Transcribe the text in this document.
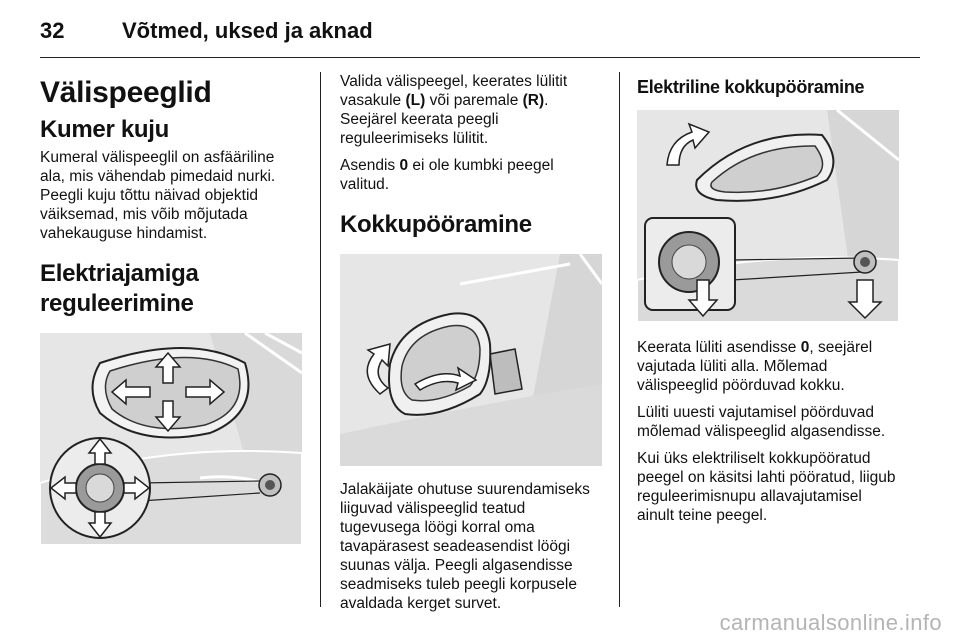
32	Võtmed, uksed ja aknad
Välispeeglid
Kumer kuju

Kumeral välispeeglil on asfääriline ala, mis vähendab pimedaid nurki. Peegli kuju tõttu näivad objektid väiksemad, mis võib mõjutada vahekauguse hindamist.

Elektriajamiga reguleerimine

Valida välispeegel, keerates lülitit vasakule (L) või paremale (R). Seejärel keerata peegli reguleerimiseks lülitit.

Asendis 0 ei ole kumbki peegel valitud.

Kokkupööramine

Jalakäijate ohutuse suurendamiseks liiguvad välispeeglid teatud tugevusega löögi korral oma tavapärasest seadeasendist löögi suunas välja. Peegli algasendisse seadmiseks tuleb peegli korpusele avaldada kerget survet.

Elektriline kokkupööramine

Keerata lüliti asendisse 0, seejärel vajutada lüliti alla. Mõlemad välispeeglid pöörduvad kokku.

Lüliti uuesti vajutamisel pöörduvad mõlemad välispeeglid algasendisse.

Kui üks elektriliselt kokkupööratud peegel on käsitsi lahti pööratud, liigub reguleerimisnupu allavajutamisel ainult teine peegel.

carmanualsonline.info
